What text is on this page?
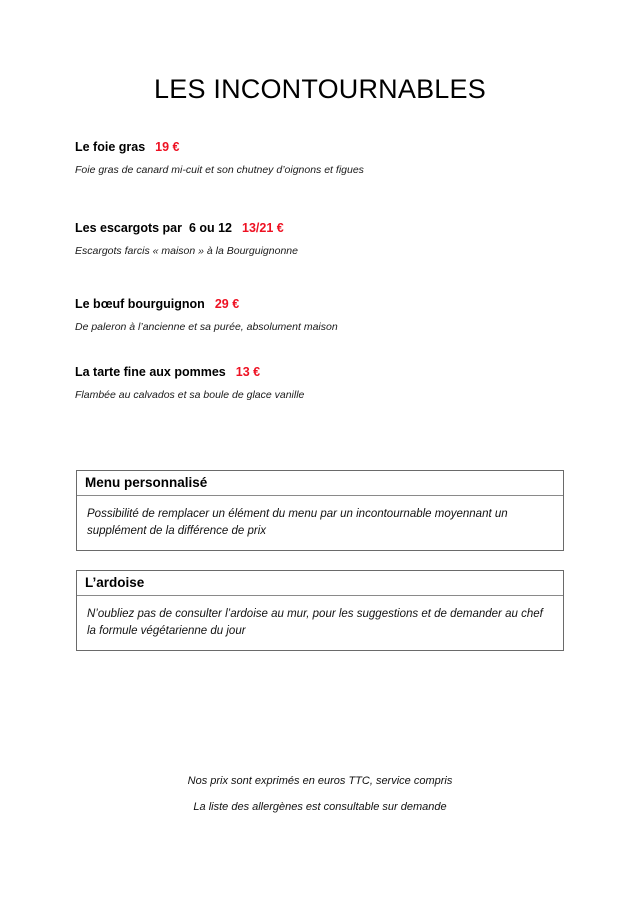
LES INCONTOURNABLES
Le foie gras 19 €
Foie gras de canard mi-cuit et son chutney d’oignons et figues
Les escargots par  6 ou 12 13/21 €
Escargots farcis « maison » à la Bourguignonne
Le bœuf bourguignon 29 €
De paleron à l’ancienne et sa purée, absolument maison
La tarte fine aux pommes 13 €
Flambée au calvados et sa boule de glace vanille
Menu personnalisé
Possibilité de remplacer un élément du menu par un incontournable moyennant un supplément de la différence de prix
L’ardoise
N’oubliez pas de consulter l’ardoise au mur, pour les suggestions et de demander au chef la formule végétarienne du jour
Nos prix sont exprimés en euros TTC, service compris
La liste des allergènes est consultable sur demande
